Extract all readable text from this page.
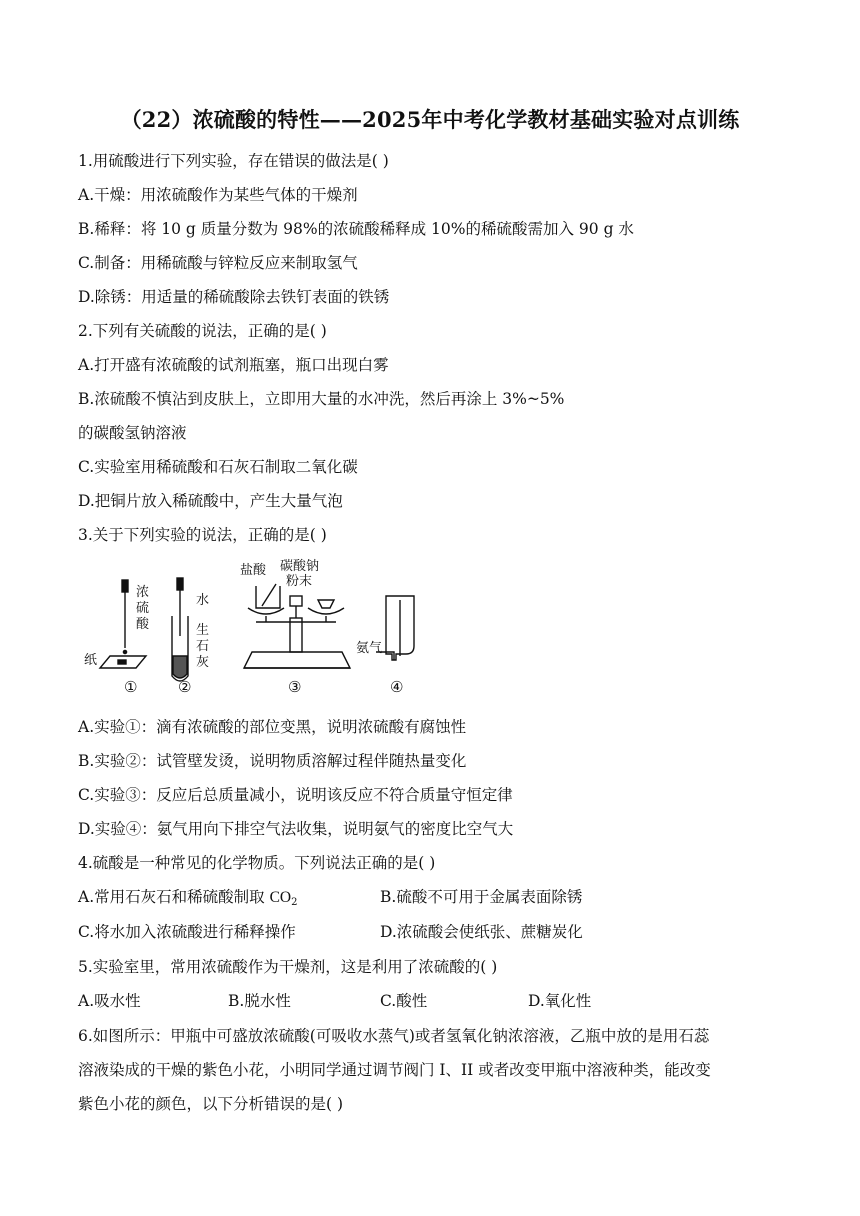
（22）浓硫酸的特性——2025年中考化学教材基础实验对点训练
1.用硫酸进行下列实验，存在错误的做法是( )
A.干燥：用浓硫酸作为某些气体的干燥剂
B.稀释：将 10 g 质量分数为 98%的浓硫酸稀释成 10%的稀硫酸需加入 90 g 水
C.制备：用稀硫酸与锌粒反应来制取氢气
D.除锈：用适量的稀硫酸除去铁钉表面的铁锈
2.下列有关硫酸的说法，正确的是( )
A.打开盛有浓硫酸的试剂瓶塞，瓶口出现白雾
B.浓硫酸不慎沾到皮肤上，立即用大量的水冲洗，然后再涂上 3%~5%
的碳酸氢钠溶液
C.实验室用稀硫酸和石灰石制取二氧化碳
D.把铜片放入稀硫酸中，产生大量气泡
3.关于下列实验的说法，正确的是( )
浓
硫
酸
纸
水
生
石
灰
盐酸 碳酸钠
粉末
氨气
①	②	③	④
A.实验①：滴有浓硫酸的部位变黑，说明浓硫酸有腐蚀性
B.实验②：试管壁发烫，说明物质溶解过程伴随热量变化
C.实验③：反应后总质量减小，说明该反应不符合质量守恒定律
D.实验④：氨气用向下排空气法收集，说明氨气的密度比空气大
4.硫酸是一种常见的化学物质。下列说法正确的是( )
A.常用石灰石和稀硫酸制取 $CO_2$	B.硫酸不可用于金属表面除锈
C.将水加入浓硫酸进行稀释操作	D.浓硫酸会使纸张、蔗糖炭化
5.实验室里，常用浓硫酸作为干燥剂，这是利用了浓硫酸的( )
A.吸水性	B.脱水性	C.酸性	D.氧化性
6.如图所示：甲瓶中可盛放浓硫酸(可吸收水蒸气)或者氢氧化钠浓溶液，乙瓶中放的是用石蕊
溶液染成的干燥的紫色小花，小明同学通过调节阀门 I、II 或者改变甲瓶中溶液种类，能改变
紫色小花的颜色，以下分析错误的是( )
